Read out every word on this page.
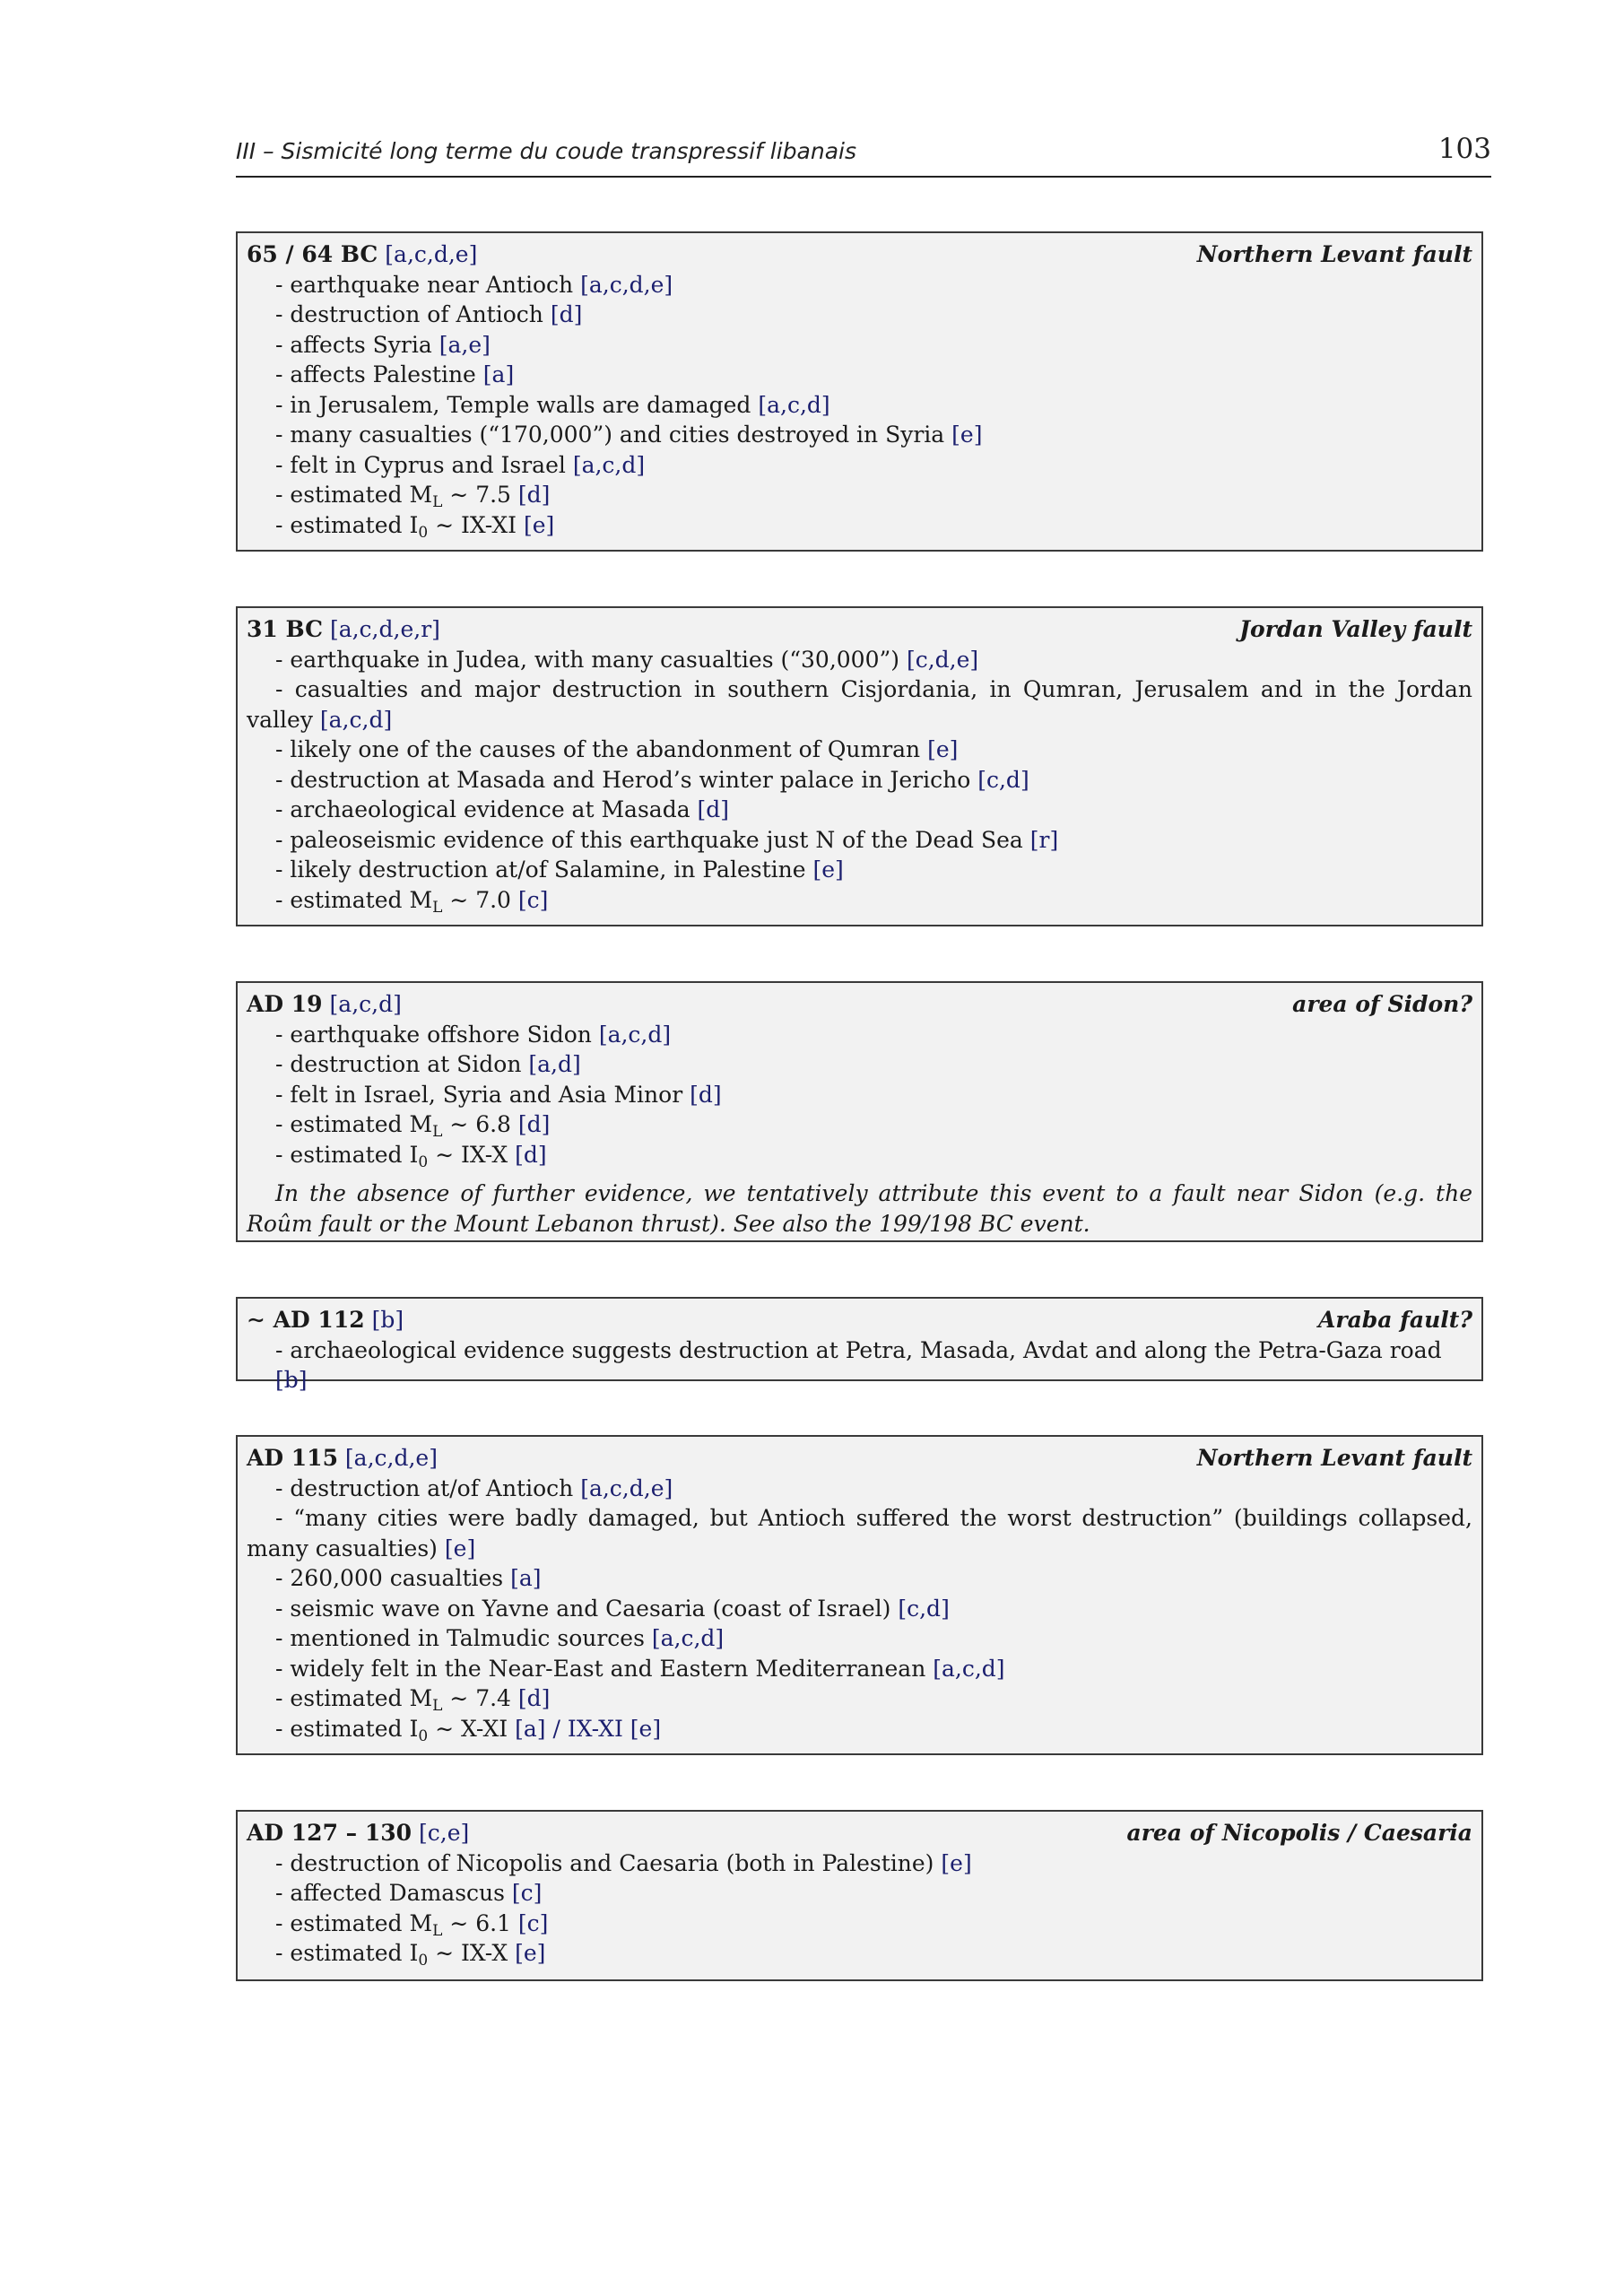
III – Sismicité long terme du coude transpressif libanais	103
65 / 64 BC [a,c,d,e]	Northern Levant fault
- earthquake near Antioch [a,c,d,e]
- destruction of Antioch [d]
- affects Syria [a,e]
- affects Palestine [a]
- in Jerusalem, Temple walls are damaged [a,c,d]
- many casualties (“170,000”) and cities destroyed in Syria [e]
- felt in Cyprus and Israel [a,c,d]
- estimated $M_L$ ∼ 7.5 [d]
- estimated $I_0$ ∼ IX-XI [e]
31 BC [a,c,d,e,r]	Jordan Valley fault
- earthquake in Judea, with many casualties (“30,000”) [c,d,e]
- casualties and major destruction in southern Cisjordania, in Qumran, Jerusalem and in the Jordan valley [a,c,d]
- likely one of the causes of the abandonment of Qumran [e]
- destruction at Masada and Herod’s winter palace in Jericho [c,d]
- archaeological evidence at Masada [d]
- paleoseismic evidence of this earthquake just N of the Dead Sea [r]
- likely destruction at/of Salamine, in Palestine [e]
- estimated $M_L$ ∼ 7.0 [c]
AD 19 [a,c,d]	area of Sidon?
- earthquake offshore Sidon [a,c,d]
- destruction at Sidon [a,d]
- felt in Israel, Syria and Asia Minor [d]
- estimated $M_L$ ∼ 6.8 [d]
- estimated $I_0$ ∼ IX-X [d]
In the absence of further evidence, we tentatively attribute this event to a fault near Sidon (e.g. the Roûm fault or the Mount Lebanon thrust). See also the 199/198 BC event.
∼ AD 112 [b]	Araba fault?
- archaeological evidence suggests destruction at Petra, Masada, Avdat and along the Petra-Gaza road [b]
AD 115 [a,c,d,e]	Northern Levant fault
- destruction at/of Antioch [a,c,d,e]
- “many cities were badly damaged, but Antioch suffered the worst destruction” (buildings collapsed, many casualties) [e]
- 260,000 casualties [a]
- seismic wave on Yavne and Caesaria (coast of Israel) [c,d]
- mentioned in Talmudic sources [a,c,d]
- widely felt in the Near-East and Eastern Mediterranean [a,c,d]
- estimated $M_L$ ∼ 7.4 [d]
- estimated $I_0$ ∼ X-XI [a] / IX-XI [e]
AD 127 – 130 [c,e]	area of Nicopolis / Caesaria
- destruction of Nicopolis and Caesaria (both in Palestine) [e]
- affected Damascus [c]
- estimated $M_L$ ∼ 6.1 [c]
- estimated $I_0$ ∼ IX-X [e]
